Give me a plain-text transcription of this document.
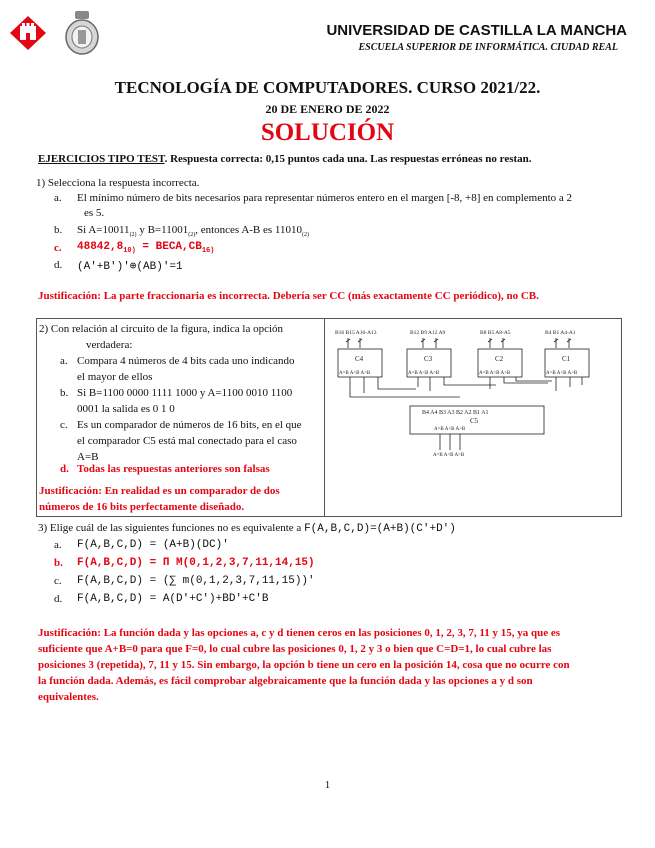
UNIVERSIDAD DE CASTILLA LA MANCHA
ESCUELA SUPERIOR DE INFORMÁTICA. CIUDAD REAL
TECNOLOGÍA DE COMPUTADORES. CURSO 2021/22.
20 DE ENERO DE 2022
SOLUCIÓN
EJERCICIOS TIPO TEST. Respuesta correcta: 0,15 puntos cada una. Las respuestas erróneas no restan.
1) Selecciona la respuesta incorrecta.
a. El mínimo número de bits necesarios para representar números entero en el margen [-8, +8] en complemento a 2
es 5.
b. Si $A=10011_{(2)}$ y $B=11001_{(2)}$, entonces A-B es $11010_{(2)}$
c. $48842,8_{10)}$ = $BECA,CB_{16)}$
d. (A'+B')'⊕(AB)'=1
Justificación: La parte fraccionaria es incorrecta. Debería ser CC (más exactamente CC periódico), no CB.
2) Con relación al circuito de la figura, indica la opción
verdadera:
a. Compara 4 números de 4 bits cada uno indicando
el mayor de ellos
b. Si B=1100 0000 1111 1000 y A=1100 0010 1100
0001 la salida es 0 1 0
c. Es un comparador de números de 16 bits, en el que
el comparador C5 está mal conectado para el caso
A=B
d. Todas las respuestas anteriores son falsas
Justificación: En realidad es un comparador de dos
números de 16 bits perfectamente diseñado.
B16 B15 A16-A13	B12 B9 A12 A9	B8 B5 A8-A5	B4 B1 A4-A1
C4	C3	C2	C1
B4 A4 B3 A3 B2 A2 B1 A1
C5
A=B A<B A>B	A=B A<B A>B	A=B A<B A>B	A=B A<B A>B
A=B A<B A>B
A=B A<B A>B
3) Elige cuál de las siguientes funciones no es equivalente a F(A,B,C,D)=(A+B)(C'+D')
a. F(A,B,C,D) = (A+B)(DC)'
b. F(A,B,C,D) = Π M(0,1,2,3,7,11,14,15)
c. F(A,B,C,D) = (∑ m(0,1,2,3,7,11,15))'
d. F(A,B,C,D) = A(D'+C')+BD'+C'B
Justificación: La función dada y las opciones a, c y d tienen ceros en las posiciones 0, 1, 2, 3, 7, 11 y 15, ya que es
suficiente que A+B=0 para que F=0, lo cual cubre las posiciones 0, 1, 2 y 3 o bien que C=D=1, lo cual cubre las
posiciones 3 (repetida), 7, 11 y 15. Sin embargo, la opción b tiene un cero en la posición 14, cosa que no ocurre con
la función dada. Además, es fácil comprobar algebraicamente que la función dada y las opciones a y d son
equivalentes.
1
